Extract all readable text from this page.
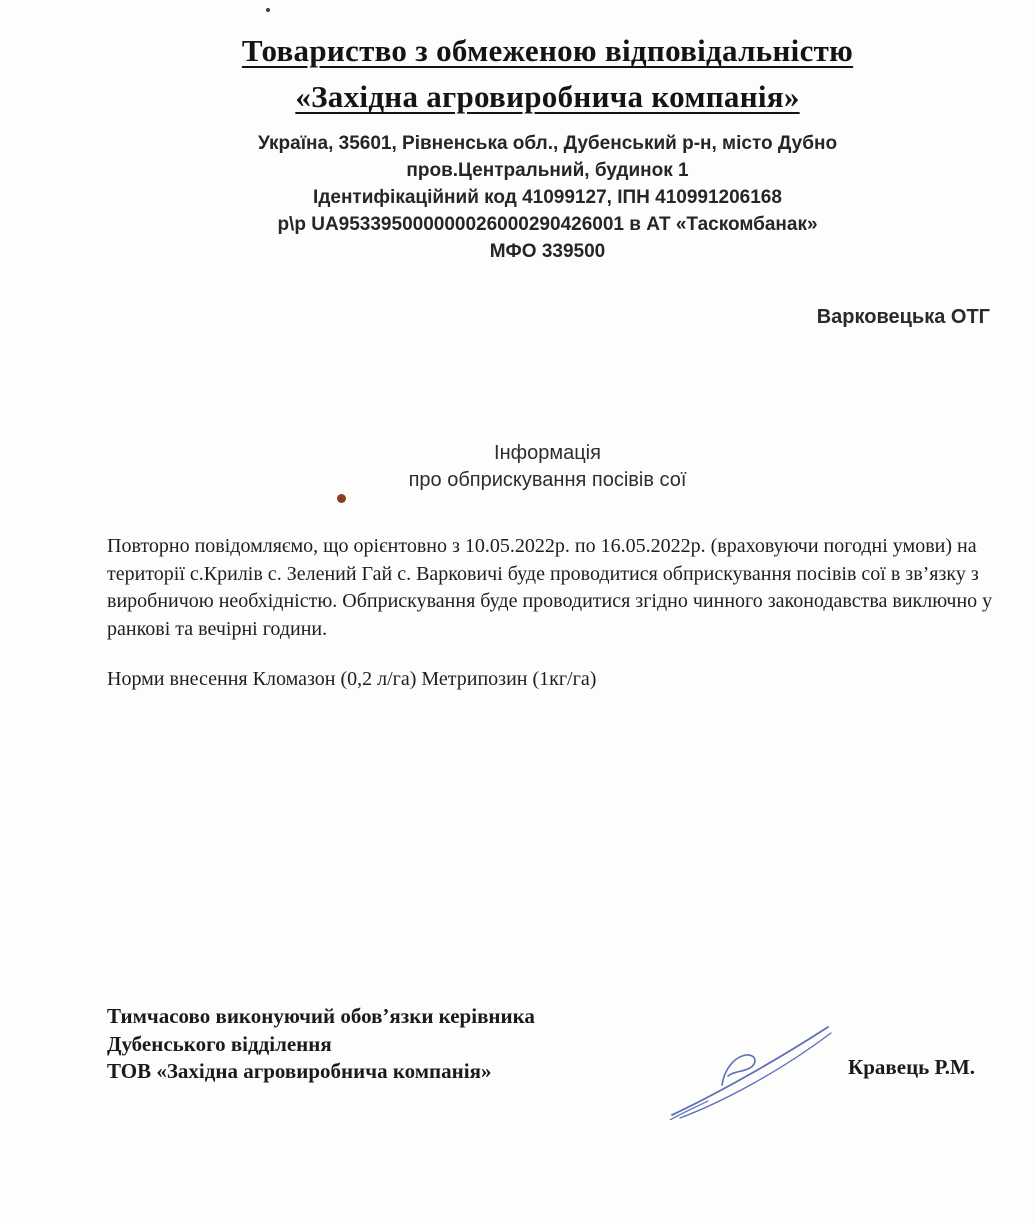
Товариство з обмеженою відповідальністю
«Західна агровиробнича компанія»
Україна, 35601, Рівненська обл., Дубенський р-н, місто Дубно
пров.Центральний, будинок 1
Ідентифікаційний код 41099127, ІПН 410991206168
р\р UA953395000000026000290426001 в АТ «Таскомбанак»
МФО 339500
Варковецька ОТГ
Інформація
про обприскування посівів сої
Повторно повідомляємо, що орієнтовно з 10.05.2022р. по 16.05.2022р. (враховуючи погодні умови) на території с.Крилів с. Зелений Гай с. Варковичі буде проводитися обприскування посівів сої в зв’язку з виробничою необхідністю. Обприскування буде проводитися згідно чинного законодавства виключно у ранкові та вечірні години.
Норми внесення Кломазон (0,2 л/га) Метрипозин (1кг/га)
Тимчасово виконуючий обов’язки керівника
Дубенського відділення
ТОВ «Західна агровиробнича компанія»	Кравець Р.М.
